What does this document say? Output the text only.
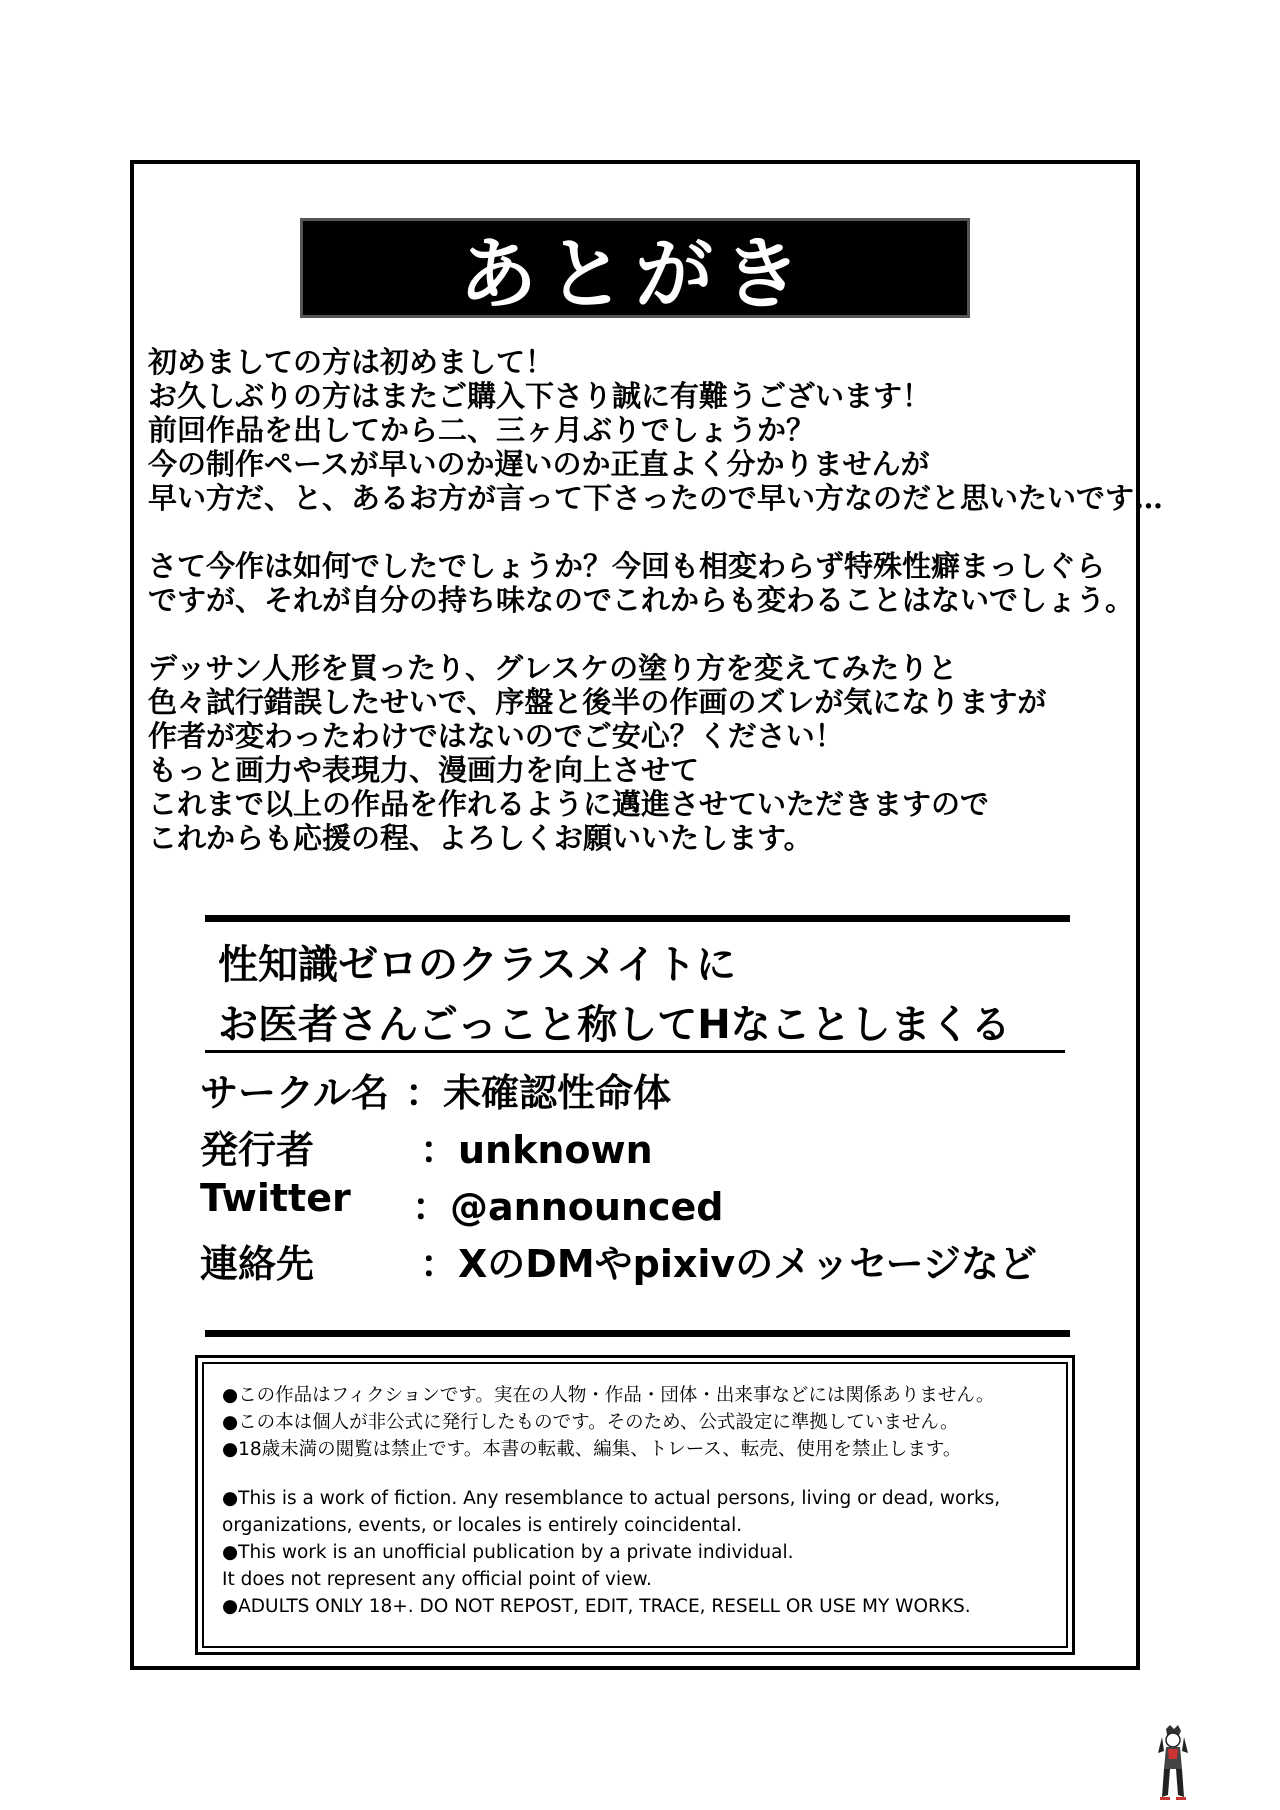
あとがき
初めましての方は初めまして！
お久しぶりの方はまたご購入下さり誠に有難うございます！
前回作品を出してから二、三ヶ月ぶりでしょうか？
今の制作ペースが早いのか遅いのか正直よく分かりませんが
早い方だ、と、あるお方が言って下さったので早い方なのだと思いたいです…
さて今作は如何でしたでしょうか？今回も相変わらず特殊性癖まっしぐら
ですが、それが自分の持ち味なのでこれからも変わることはないでしょう。
デッサン人形を買ったり、グレスケの塗り方を変えてみたりと
色々試行錯誤したせいで、序盤と後半の作画のズレが気になりますが
作者が変わったわけではないのでご安心？ください！
もっと画力や表現力、漫画力を向上させて
これまで以上の作品を作れるように邁進させていただきますので
これからも応援の程、よろしくお願いいたします。
性知識ゼロのクラスメイトに
お医者さんごっこと称してHなことしまくる
サークル名 ：未確認性命体
発行者	：unknown
Twitter ：@announced
連絡先	：XのDMやpixivのメッセージなど
●この作品はフィクションです。実在の人物・作品・団体・出来事などには関係ありません。
●この本は個人が非公式に発行したものです。そのため、公式設定に準拠していません。
●18歳未満の閲覧は禁止です。本書の転載、編集、トレース、転売、使用を禁止します。
●This is a work of fiction. Any resemblance to actual persons, living or dead, works,
organizations, events, or locales is entirely coincidental.
●This work is an unofficial publication by a private individual.
It does not represent any official point of view.
●ADULTS ONLY 18+. DO NOT REPOST, EDIT, TRACE, RESELL OR USE MY WORKS.
